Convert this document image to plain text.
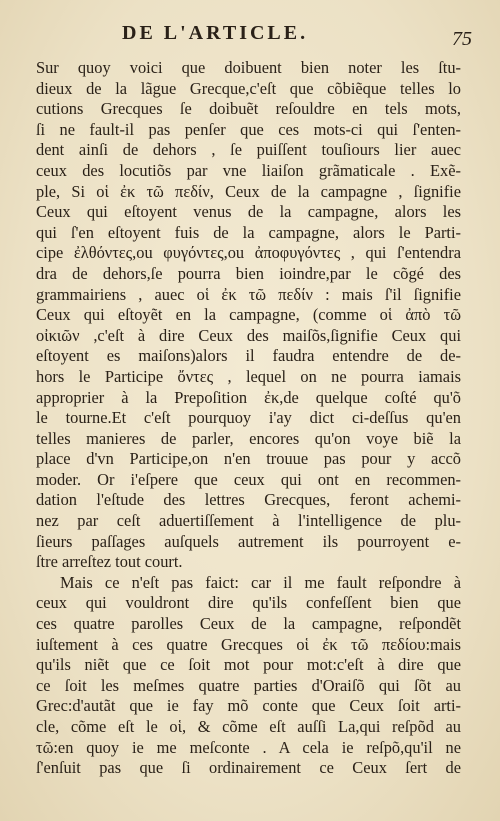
DE L'ARTICLE.	75
Sur quoy voici que doibuent bien noter les ſtu-
dieux de la lãgue Grecque,c'eſt que cõbiẽque telles lo
cutions Grecques ſe doibuẽt reſouldre en tels mots,
ſi ne fault-il pas penſer que ces mots-ci qui ſ'enten-
dent ainſi de dehors , ſe puiſſent touſiours lier auec
ceux des locutiõs par vne liaiſon grãmaticale . Exẽ-
ple, Si οἱ ἐκ τῶ πεδίν, Ceux de la campagne , ſignifie
Ceux qui eſtoyent venus de la campagne, alors les
qui ſ'en eſtoyent fuis de la campagne, alors le Parti-
cipe ἐλθόντες,ou φυγόντες,ou ἀποφυγόντες , qui ſ'entendra
dra de dehors,ſe pourra bien ioindre,par le cõgé des
grammairiens , auec οἱ ἐκ τῶ πεδίν : mais ſ'il ſignifie
Ceux qui eſtoyẽt en la campagne, (comme οἱ ἀπὸ τῶ
οἰκιῶν ,c'eſt à dire Ceux des maiſõs,ſignifie Ceux qui
eſtoyent es maiſons)alors il faudra entendre de de-
hors le Participe ὄντες , lequel on ne pourra iamais
approprier à la Prepoſition ἐκ,de quelque coſté qu'õ
le tourne.Et c'eſt pourquoy i'ay dict ci-deſſus qu'en
telles manieres de parler, encores qu'on voye biẽ la
place d'vn Participe,on n'en trouue pas pour y accõ
moder. Or i'eſpere que ceux qui ont en recommen-
dation l'eſtude des lettres Grecques, feront achemi-
nez par ceſt aduertiſſement à l'intelligence de plu-
ſieurs paſſages auſquels autrement ils pourroyent e-
ſtre arreſtez tout court.
Mais ce n'eſt pas faict: car il me fault reſpondre à
ceux qui vouldront dire qu'ils confeſſent bien que
ces quatre parolles Ceux de la campagne, reſpondẽt
iuſtement à ces quatre Grecques οἱ ἐκ τῶ πεδίου:mais
qu'ils niẽt que ce ſoit mot pour mot:c'eſt à dire que
ce ſoit les meſmes quatre parties d'Oraiſõ qui ſõt au
Grec:d'autãt que ie fay mõ conte que Ceux ſoit arti-
cle, cõme eſt le οἱ, & cõme eſt auſſi La,qui reſpõd au
τῶ:en quoy ie me meſconte . A cela ie reſpõ,qu'il ne
ſ'enſuit pas que ſi ordinairement ce Ceux ſert de
